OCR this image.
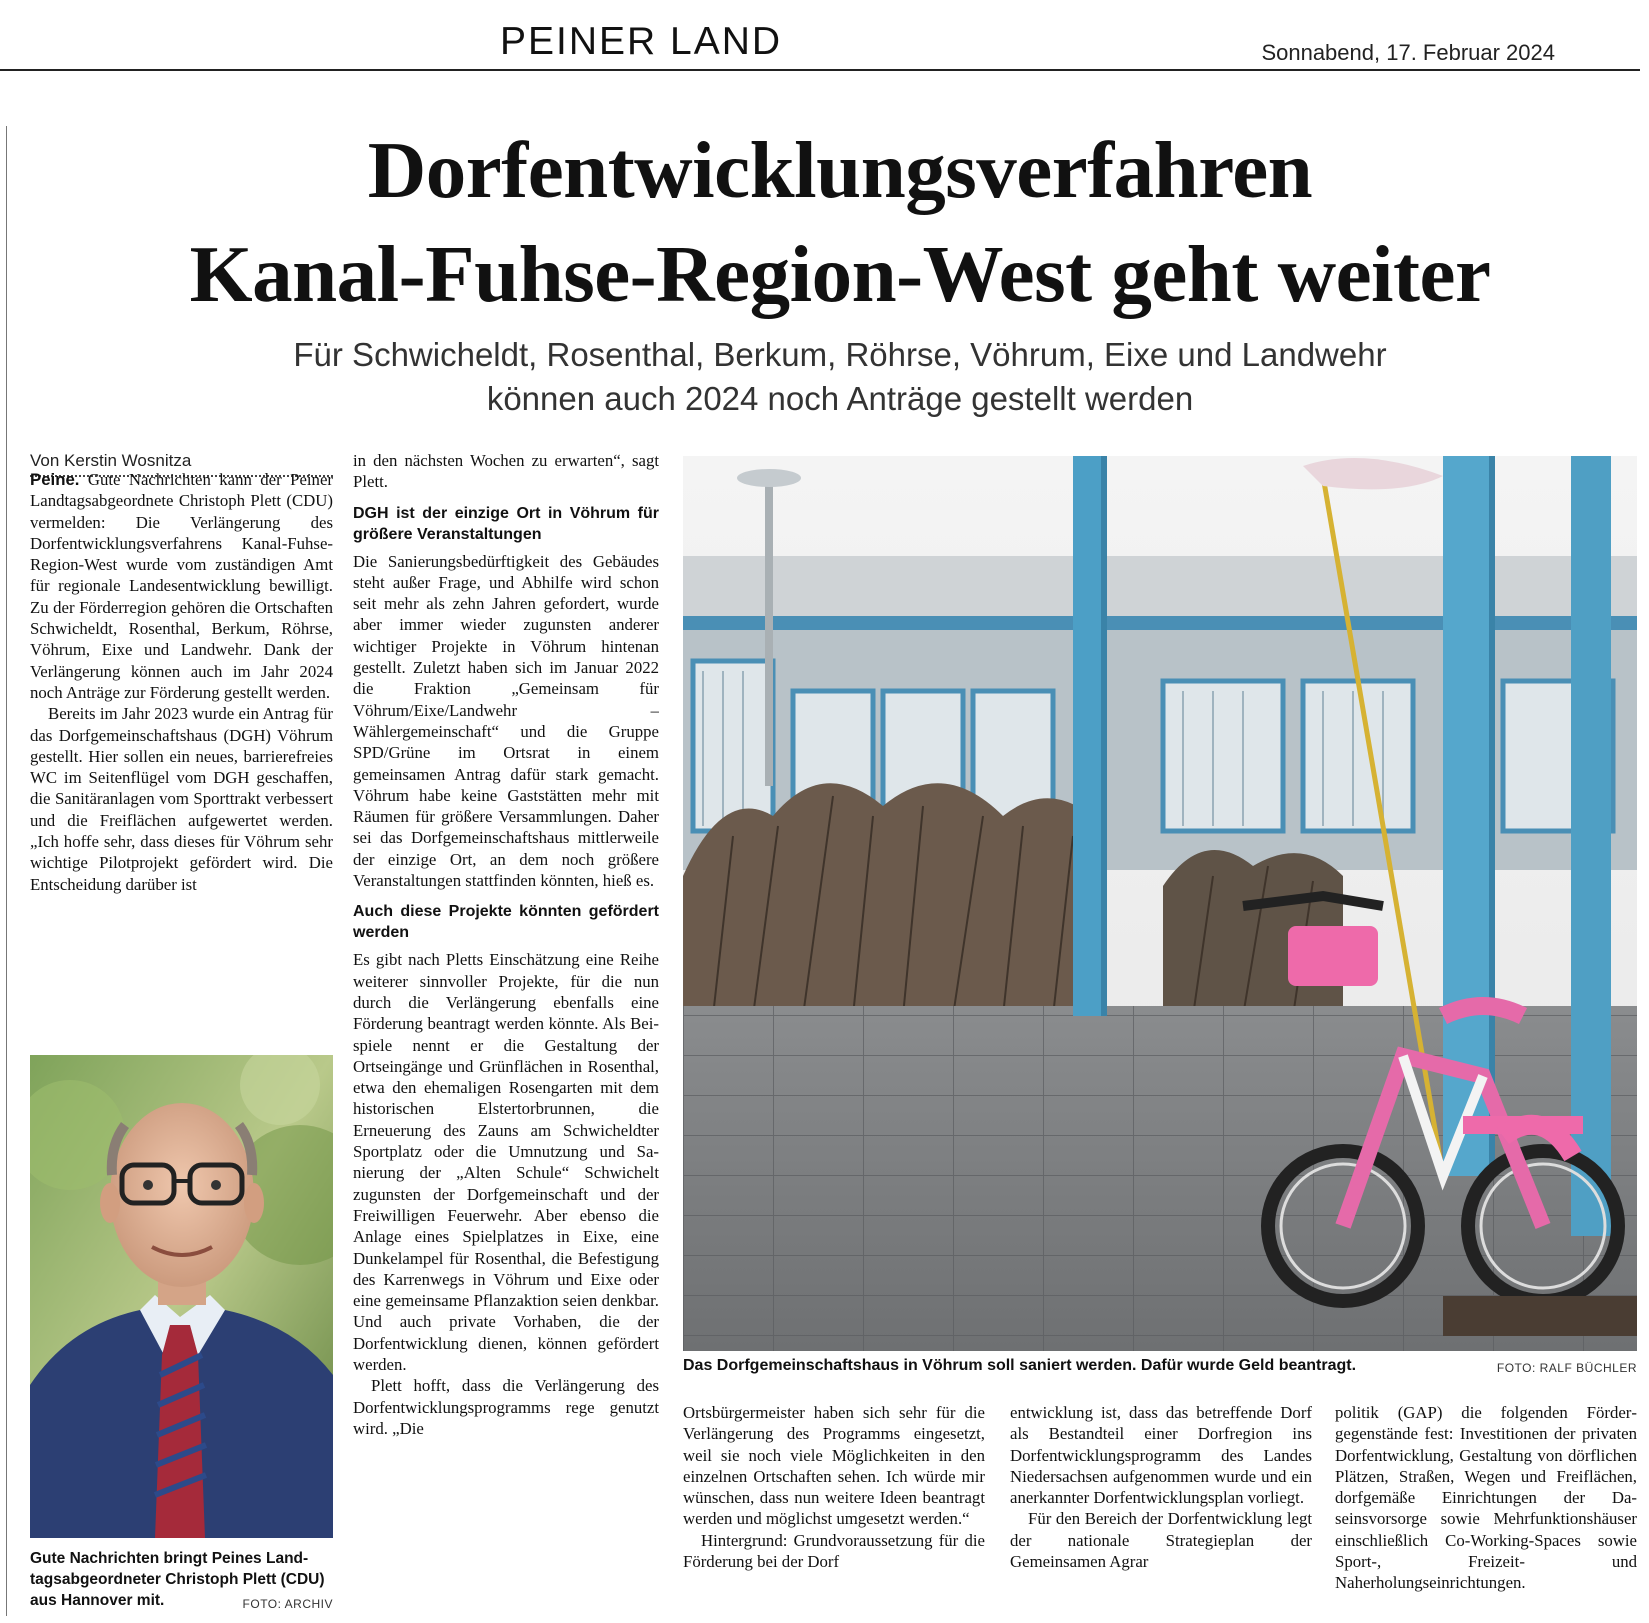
PEINER LAND	Sonnabend, 17. Februar 2024
Dorfentwicklungsverfahren
Kanal-Fuhse-Region-West geht weiter
Für Schwicheldt, Rosenthal, Berkum, Röhrse, Vöhrum, Eixe und Landwehr
können auch 2024 noch Anträge gestellt werden
Von Kerstin Wosnitza

Peine. Gute Nachrichten kann der Peiner Landtagsabgeordnete Christoph Plett (CDU) vermelden: Die Verlängerung des Dorfentwicklungsverfahrens Kanal-Fuhse-Region-West wurde vom zuständigen Amt für regionale Landesentwicklung bewilligt. Zu der Förderregion gehören die Ortschaften Schwicheldt, Rosenthal, Berkum, Röhrse, Vöhrum, Eixe und Landwehr. Dank der Verlängerung können auch im Jahr 2024 noch Anträge zur Förderung gestellt werden.

Bereits im Jahr 2023 wurde ein Antrag für das Dorfgemeinschaftshaus (DGH) Vöhrum gestellt. Hier sollen ein neues, barrierefreies WC im Seitenflügel vom DGH geschaffen, die Sanitäranlagen vom Sporttrakt verbessert und die Freiflächen aufgewertet werden. „Ich hoffe sehr, dass dieses für Vöhrum sehr wichtige Pilotprojekt gefördert wird. Die Entscheidung darüber ist

Gute Nachrichten bringt Peines Landtagsabgeordneter Christoph Plett (CDU) aus Hannover mit.	FOTO: ARCHIV

in den nächsten Wochen zu erwarten“, sagt Plett.

DGH ist der einzige Ort in Vöhrum für größere Veranstaltungen

Die Sanierungsbedürftigkeit des Gebäudes steht außer Frage, und Abhilfe wird schon seit mehr als zehn Jahren gefordert, wurde aber immer wieder zugunsten anderer wichtiger Projekte in Vöhrum hintenan gestellt. Zuletzt haben sich im Januar 2022 die Fraktion „Gemeinsam für Vöhrum/Eixe/Landwehr – Wählergemeinschaft“ und die Gruppe SPD/Grüne im Ortsrat in einem gemeinsamen Antrag dafür stark gemacht. Vöhrum habe keine Gaststätten mehr mit Räumen für größere Versammlungen. Daher sei das Dorfgemeinschaftshaus mittlerweile der einzige Ort, an dem noch größere Veranstaltungen stattfinden könnten, hieß es.

Auch diese Projekte könnten gefördert werden

Es gibt nach Pletts Einschätzung eine Reihe weiterer sinnvoller Projekte, für die nun durch die Verlängerung ebenfalls eine Förderung beantragt werden könnte. Als Beispiele nennt er die Gestaltung der Ortseingänge und Grünflächen in Rosenthal, etwa den ehemaligen Rosengarten mit dem historischen Elstertorbrunnen, die Erneuerung des Zauns am Schwicheldter Sportplatz oder die Umnutzung und Sanierung der „Alten Schule“ Schwichelt zugunsten der Dorfgemeinschaft und der Freiwilligen Feuerwehr. Aber ebenso die Anlage eines Spielplatzes in Eixe, eine Dunkelampel für Rosenthal, die Befestigung des Karrenwegs in Vöhrum und Eixe oder eine gemeinsame Pflanzaktion seien denkbar. Und auch private Vorhaben, die der Dorfentwicklung dienen, können gefördert werden.

Plett hofft, dass die Verlängerung des Dorfentwicklungsprogramms rege genutzt wird. „Die

Das Dorfgemeinschaftshaus in Vöhrum soll saniert werden. Dafür wurde Geld beantragt.	FOTO: RALF BÜCHLER

Ortsbürgermeister haben sich sehr für die Verlängerung des Programms eingesetzt, weil sie noch viele Möglichkeiten in den einzelnen Ortschaften sehen. Ich würde mir wünschen, dass nun weitere Ideen beantragt werden und möglichst umgesetzt werden.“

Hintergrund: Grundvoraussetzung für die Förderung bei der Dorf

entwicklung ist, dass das betreffende Dorf als Bestandteil einer Dorfregion ins Dorfentwicklungsprogramm des Landes Niedersachsen aufgenommen wurde und ein anerkannter Dorfentwicklungsplan vorliegt.

Für den Bereich der Dorfentwicklung legt der nationale Strategieplan der Gemeinsamen Agrar

politik (GAP) die folgenden Fördergegenstände fest: Investitionen der privaten Dorfentwicklung, Gestaltung von dörflichen Plätzen, Straßen, Wegen und Freiflächen, dorfgemäße Einrichtungen der Daseinsvorsorge sowie Mehrfunktionshäuser einschließlich Co-Working-Spaces sowie Sport-, Freizeit- und Naherholungseinrichtungen.
